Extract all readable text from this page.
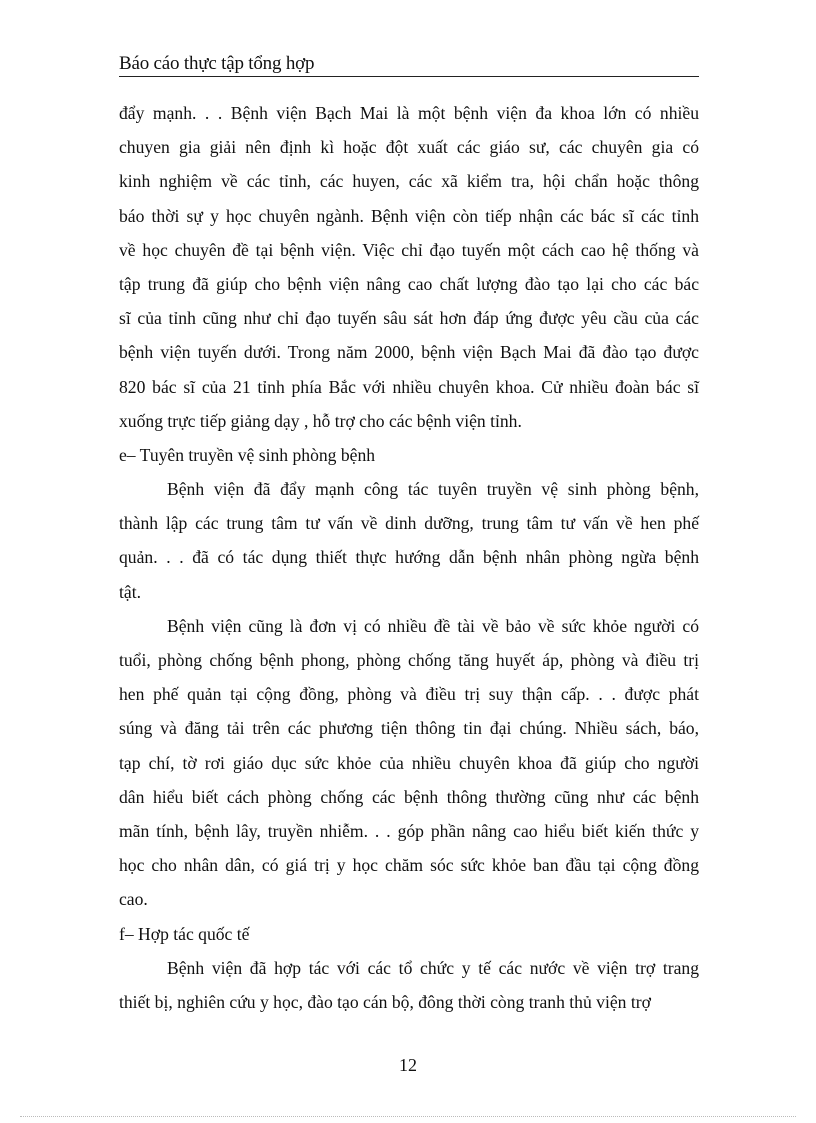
Báo cáo thực tập tổng hợp
đẩy mạnh. . . Bệnh viện Bạch Mai là một bệnh viện đa khoa lớn có nhiều
chuyen gia giải nên định kì hoặc đột xuất các giáo sư, các chuyên gia có
kinh nghiệm về các tỉnh, các huyen, các xã kiểm tra, hội chẩn hoặc thông
báo thời sự y học chuyên ngành. Bệnh viện còn tiếp nhận các bác sĩ các tỉnh
về học chuyên đề tại bệnh viện. Việc chỉ đạo tuyến một cách cao hệ thống và
tập trung đã giúp cho bệnh viện nâng cao chất lượng đào tạo lại cho các bác
sĩ của tỉnh cũng như chỉ đạo tuyến sâu sát hơn đáp ứng được yêu cầu của các
bệnh viện tuyến dưới. Trong năm 2000, bệnh viện Bạch Mai đã đào tạo được
820 bác sĩ của 21 tỉnh phía Bắc với nhiều chuyên khoa. Cử nhiều đoàn bác sĩ
xuống trực tiếp giảng dạy , hỗ trợ cho các bệnh viện tỉnh.
e– Tuyên truyền vệ sinh phòng bệnh
Bệnh viện đã đẩy mạnh công tác tuyên truyền vệ sinh phòng bệnh,
thành lập các trung tâm tư vấn về dinh dưỡng, trung tâm tư vấn về hen phế
quản. . . đã có tác dụng thiết thực hướng dẫn bệnh nhân phòng ngừa bệnh
tật.
Bệnh viện cũng là đơn vị có nhiều đề tài về bảo về sức khỏe người có
tuổi, phòng chống bệnh phong, phòng chống tăng huyết áp, phòng và điều trị
hen phế quản tại cộng đồng, phòng và điều trị suy thận cấp. . . được phát
súng và đăng tải trên các phương tiện thông tin đại chúng. Nhiều sách, báo,
tạp chí, tờ rơi giáo dục sức khỏe của nhiều chuyên khoa đã giúp cho người
dân hiểu biết cách phòng chống các bệnh thông thường cũng như các bệnh
mãn tính, bệnh lây, truyền nhiễm. . . góp phần nâng cao hiểu biết kiến thức y
học cho nhân dân, có giá trị y học chăm sóc sức khỏe ban đầu tại cộng đồng
cao.
f– Hợp tác quốc tế
Bệnh viện đã hợp tác với các tổ chức y tế các nước về viện trợ trang
thiết bị, nghiên cứu y học, đào tạo cán bộ, đông thời còng tranh thủ viện trợ
12
